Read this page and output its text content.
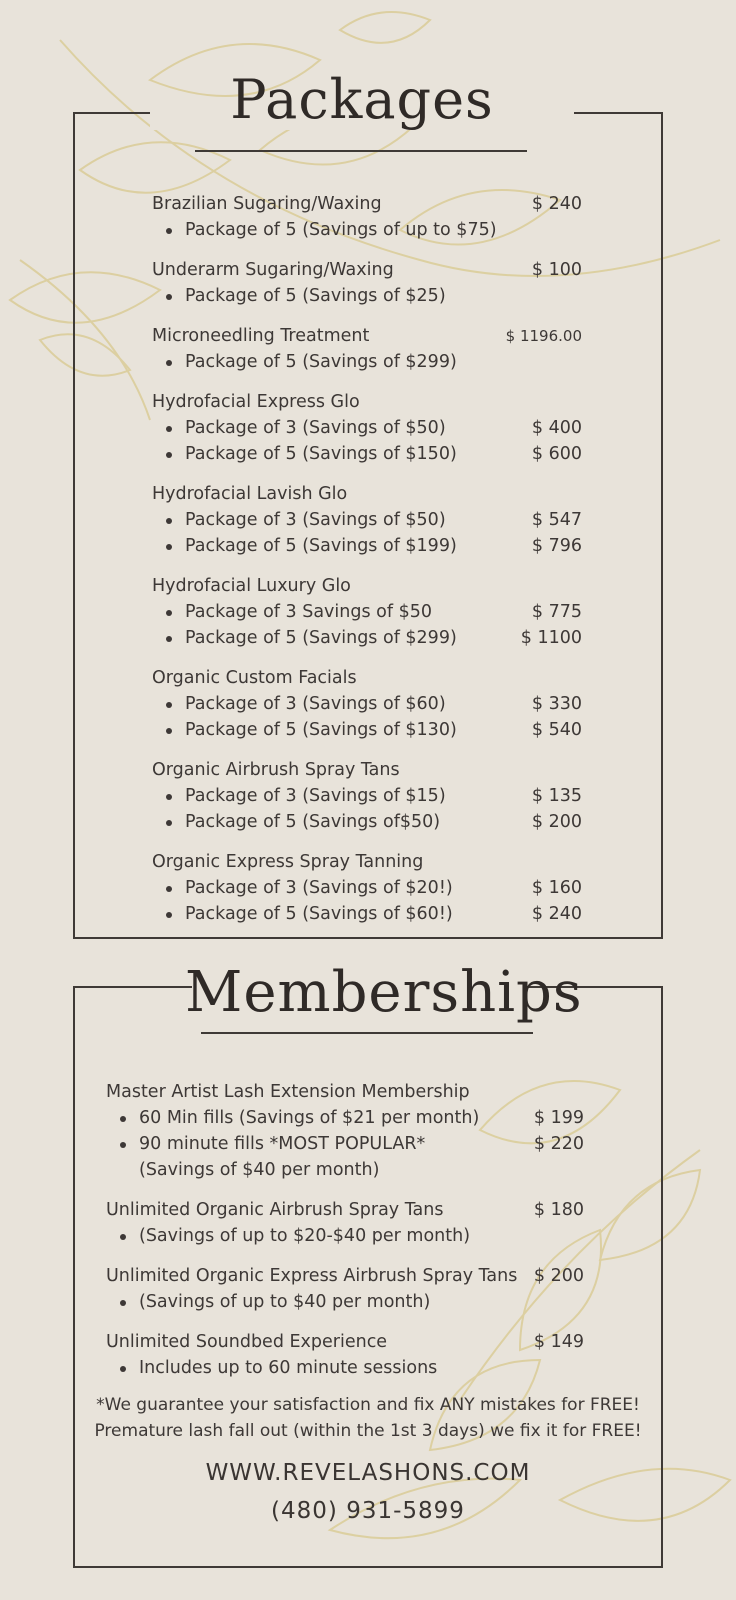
Packages
Brazilian Sugaring/Waxing	$ 240
Package of 5 (Savings of up to $75)
Underarm Sugaring/Waxing	$ 100
Package of 5 (Savings of $25)
Microneedling Treatment	$ 1196.00
Package of 5 (Savings of $299)
Hydrofacial Express Glo
Package of 3 (Savings of $50)	$ 400
Package of 5 (Savings of $150)	$ 600
Hydrofacial Lavish Glo
Package of 3 (Savings of $50)	$ 547
Package of 5 (Savings of $199)	$ 796
Hydrofacial Luxury Glo
Package of 3 Savings of $50	$ 775
Package of 5 (Savings of $299)	$ 1100
Organic Custom Facials
Package of 3 (Savings of $60)	$ 330
Package of 5 (Savings of $130)	$ 540
Organic Airbrush Spray Tans
Package of 3 (Savings of $15)	$ 135
Package of 5 (Savings of$50)	$ 200
Organic Express Spray Tanning
Package of 3 (Savings of $20!)	$ 160
Package of 5 (Savings of $60!)	$ 240
Memberships
Master Artist Lash Extension Membership
60 Min fills (Savings of $21 per month)	$ 199
90 minute fills *MOST POPULAR*	$ 220
(Savings of $40 per month)
Unlimited Organic Airbrush Spray Tans	$ 180
(Savings of up to $20-$40 per month)
Unlimited Organic Express Airbrush Spray Tans $ 200
(Savings of up to $40 per month)
Unlimited Soundbed Experience	$ 149
Includes up to 60 minute sessions
*We guarantee your satisfaction and fix ANY mistakes for FREE!
Premature lash fall out (within the 1st 3 days) we fix it for FREE!
WWW.REVELASHONS.COM
(480) 931-5899
